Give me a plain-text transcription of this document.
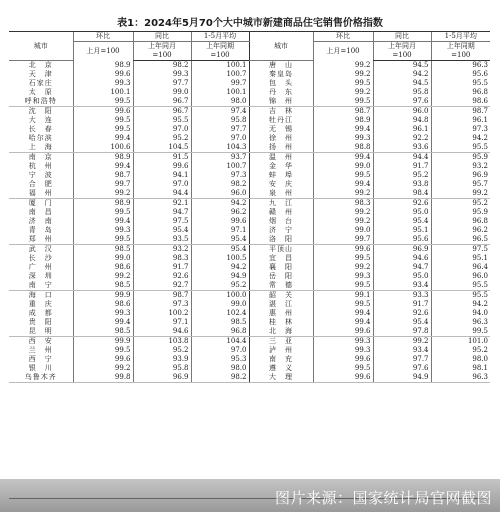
表1：2024年5月70个大中城市新建商品住宅销售价格指数
城市	环比	同比	1-5月平均	城市	环比	同比	1-5月平均
	上月=100	上年同月	上年同期		上月=100	上年同月	上年同期
		=100	=100			=100	=100
北　京	98.9	98.2	100.1	唐　山	99.2	94.5	96.3
天　津	99.6	99.3	100.7	秦皇岛	99.2	94.2	95.6
石家庄	99.3	97.7	99.7	包　头	99.5	94.5	95.5
太　原	100.1	99.0	100.1	丹　东	99.2	95.8	96.8
呼和浩特	99.5	96.7	98.0	锦　州	99.5	97.6	98.6
沈　阳	99.6	96.7	97.4	吉　林	98.7	96.0	98.7
大　连	99.5	95.5	95.8	牡丹江	98.9	94.8	96.1
长　春	99.5	97.0	97.7	无　锡	99.4	96.1	97.3
哈尔滨	99.4	95.2	97.0	徐　州	99.3	92.2	94.2
上　海	100.6	104.5	104.3	扬　州	98.8	93.6	95.5
南　京	98.9	91.5	93.7	温　州	99.4	94.4	95.9
杭　州	99.4	99.6	100.7	金　华	99.0	91.7	93.2
宁　波	98.7	94.1	97.3	蚌　埠	99.5	95.2	96.9
合　肥	99.7	97.0	98.2	安　庆	99.4	93.8	95.7
福　州	99.2	94.4	96.0	泉　州	99.2	98.4	99.2
厦　门	98.9	92.1	94.2	九　江	98.3	92.6	95.2
南　昌	99.5	94.7	96.2	赣　州	99.2	95.0	95.9
济　南	99.4	97.5	99.6	烟　台	99.2	95.4	96.8
青　岛	99.3	95.4	97.1	济　宁	99.0	95.1	96.2
郑　州	99.5	93.5	95.4	洛　阳	99.7	95.6	96.5
武　汉	98.5	93.2	95.4	平顶山	99.6	96.9	97.5
长　沙	99.0	98.3	100.5	宜　昌	99.5	94.6	95.1
广　州	98.6	91.7	94.2	襄　阳	99.2	94.7	96.4
深　圳	99.2	92.6	94.9	岳　阳	99.3	95.0	96.0
南　宁	98.5	92.7	95.2	常　德	99.5	93.4	95.5
海　口	99.9	98.7	100.0	韶　关	99.1	93.3	95.5
重　庆	98.6	97.3	99.0	湛　江	99.5	91.7	94.2
成　都	99.3	100.2	102.4	惠　州	99.4	92.6	94.0
贵　阳	99.4	97.1	98.5	桂　林	99.4	95.4	96.3
昆　明	98.5	94.6	96.8	北　海	99.6	97.8	99.5
西　安	99.9	103.8	104.4	三　亚	99.3	99.2	101.0
兰　州	99.5	95.2	97.0	泸　州	99.3	93.4	95.2
西　宁	99.6	93.9	95.3	南　充	99.6	97.7	98.0
银　川	99.2	95.8	98.0	遵　义	99.5	97.6	98.1
乌鲁木齐	99.8	96.9	98.2	大　理	99.6	94.9	96.3
图片来源：国家统计局官网截图
